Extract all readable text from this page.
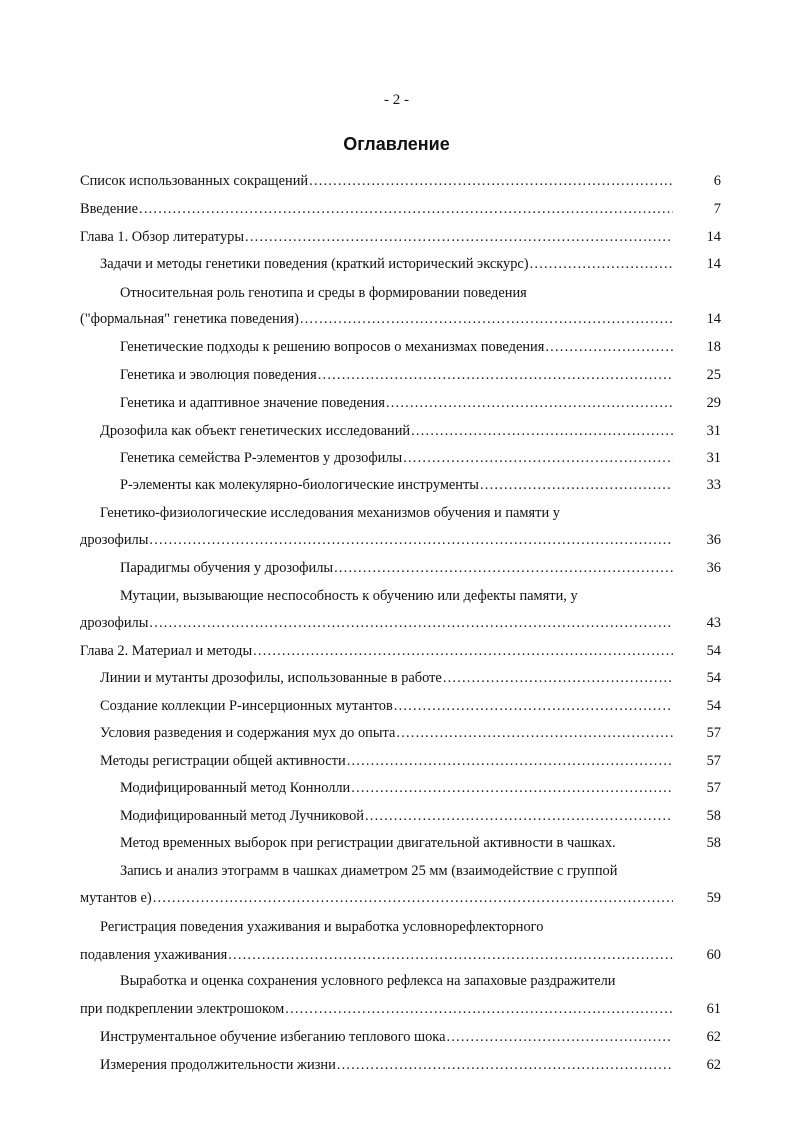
- 2 -
Оглавление
Список использованных сокращений .....	6
Введение .....	7
Глава 1. Обзор литературы .....	14
Задачи и методы генетики поведения (краткий исторический экскурс) .....	14
Относительная роль генотипа и среды в формировании поведения
("формальная" генетика поведения) .....	14
Генетические подходы к решению вопросов о механизмах поведения .....	18
Генетика и эволюция поведения .....	25
Генетика и адаптивное значение поведения .....	29
Дрозофила как объект генетических исследований .....	31
Генетика семейства Р-элементов у дрозофилы .....	31
Р-элементы как молекулярно-биологические инструменты .....	33
Генетико-физиологические исследования механизмов обучения и памяти у
дрозофилы .....	36
Парадигмы обучения у дрозофилы .....	36
Мутации, вызывающие неспособность к обучению или дефекты памяти, у
дрозофилы .....	43
Глава 2. Материал и методы .....	54
Линии и мутанты дрозофилы, использованные в работе .....	54
Создание коллекции Р-инсерционных мутантов .....	54
Условия разведения и содержания мух до опыта .....	57
Методы регистрации общей активности .....	57
Модифицированный метод Коннолли .....	57
Модифицированный метод Лучниковой .....	58
Метод временных выборок при регистрации двигательной активности в чашках.	58
Запись и анализ этограмм в чашках диаметром 25 мм (взаимодействие с группой
мутантов e) .....	59
Регистрация поведения ухаживания и выработка условнорефлекторного
подавления ухаживания .....	60
Выработка и оценка сохранения условного рефлекса на запаховые раздражители
при подкреплении электрошоком .....	61
Инструментальное обучение избеганию теплового шока .....	62
Измерения продолжительности жизни .....	62
